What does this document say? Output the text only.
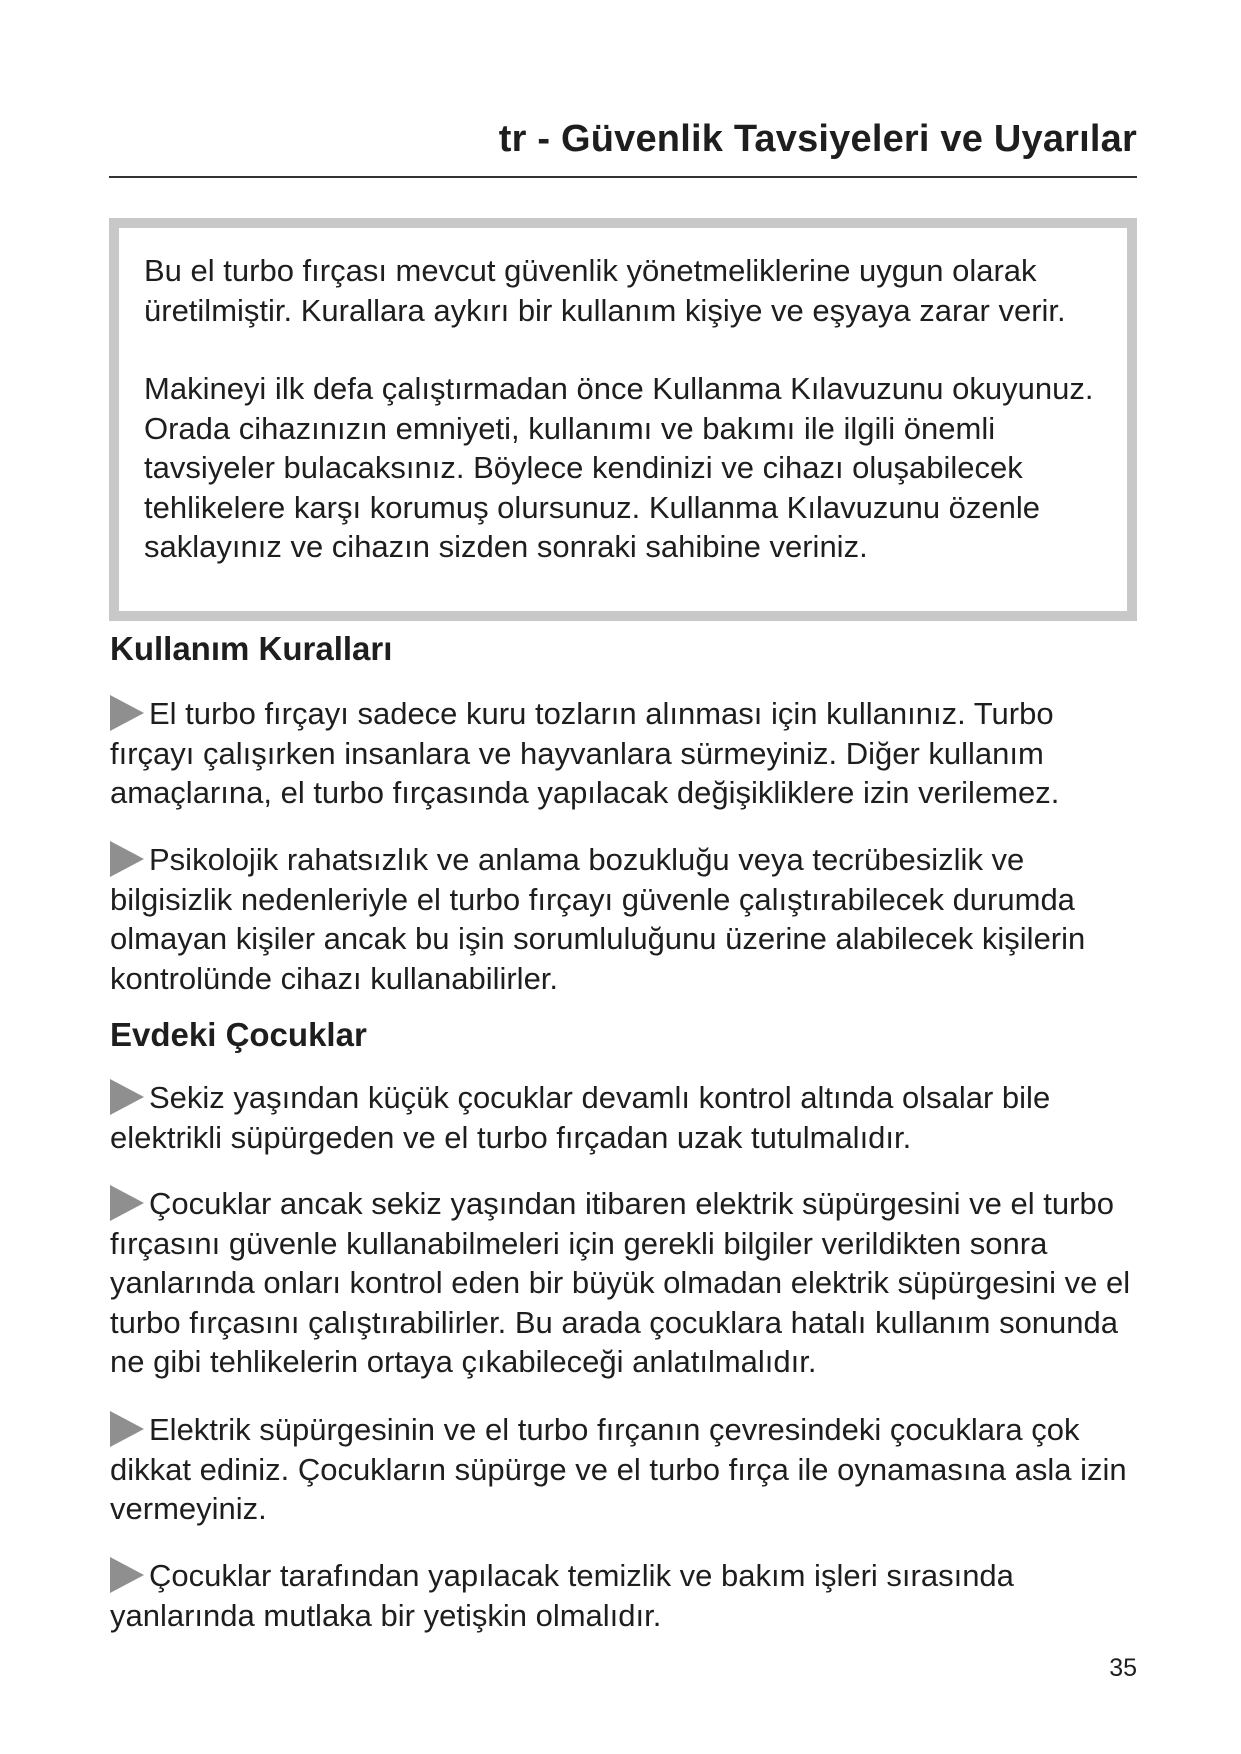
tr - Güvenlik Tavsiyeleri ve Uyarılar

Bu el turbo fırçası mevcut güvenlik yönetmeliklerine uygun olarak üretilmiştir. Kurallara aykırı bir kullanım kişiye ve eşyaya zarar verir.

Makineyi ilk defa çalıştırmadan önce Kullanma Kılavuzunu okuyunuz. Orada cihazınızın emniyeti, kullanımı ve bakımı ile ilgili önemli tavsiyeler bulacaksınız. Böylece kendinizi ve cihazı oluşabilecek tehlikelere karşı korumuş olursunuz. Kullanma Kılavuzunu özenle saklayınız ve cihazın sizden sonraki sahibine veriniz.

Kullanım Kuralları
El turbo fırçayı sadece kuru tozların alınması için kullanınız. Turbo fırçayı çalışırken insanlara ve hayvanlara sürmeyiniz. Diğer kullanım amaçlarına, el turbo fırçasında yapılacak değişikliklere izin verilemez.
Psikolojik rahatsızlık ve anlama bozukluğu veya tecrübesizlik ve bilgisizlik nedenleriyle el turbo fırçayı güvenle çalıştırabilecek durumda olmayan kişiler ancak bu işin sorumluluğunu üzerine alabilecek kişilerin kontrolünde cihazı kullanabilirler.
Evdeki Çocuklar
Sekiz yaşından küçük çocuklar devamlı kontrol altında olsalar bile elektrikli süpürgeden ve el turbo fırçadan uzak tutulmalıdır.
Çocuklar ancak sekiz yaşından itibaren elektrik süpürgesini ve el turbo fırçasını güvenle kullanabilmeleri için gerekli bilgiler verildikten sonra yanlarında onları kontrol eden bir büyük olmadan elektrik süpürgesini ve el turbo fırçasını çalıştırabilirler. Bu arada çocuklara hatalı kullanım sonunda ne gibi tehlikelerin ortaya çıkabileceği anlatılmalıdır.
Elektrik süpürgesinin ve el turbo fırçanın çevresindeki çocuklara çok dikkat ediniz. Çocukların süpürge ve el turbo fırça ile oynamasına asla izin vermeyiniz.
Çocuklar tarafından yapılacak temizlik ve bakım işleri sırasında yanlarında mutlaka bir yetişkin olmalıdır.
35
